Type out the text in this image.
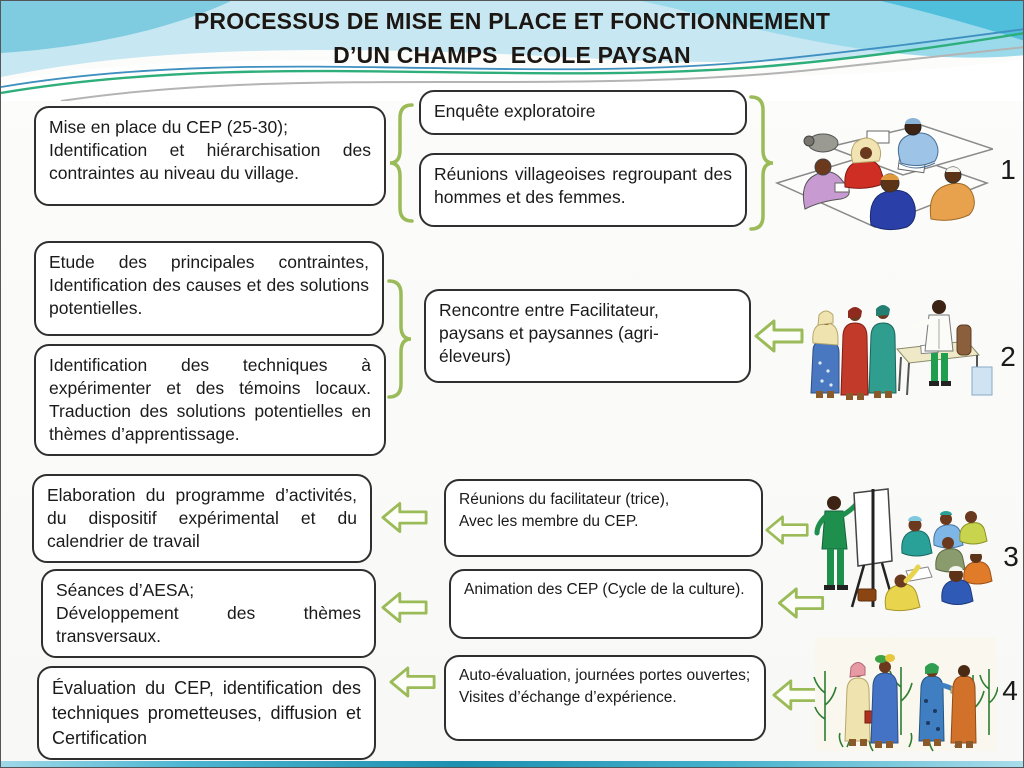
PROCESSUS DE MISE EN PLACE ET FONCTIONNEMENT
D’UN CHAMPS  ECOLE PAYSAN

Mise en place du CEP (25-30);

Identification et hiérarchisation des contraintes au niveau du village.

Enquête exploratoire

Réunions villageoises regroupant des hommes et des femmes.

1

Etude des principales contraintes, Identification des causes et des solutions potentielles.

Identification des techniques à expérimenter et des témoins locaux. Traduction des solutions potentielles en thèmes d’apprentissage.

Rencontre entre Facilitateur,

paysans et paysannes (agri-

éleveurs)	2

Elaboration du programme d’activités, du dispositif expérimental et du calendrier de travail

Réunions du facilitateur (trice),

Avec les membre du CEP.

Séances d’AESA;

Développement des thèmes transversaux.

Animation des CEP (Cycle de la culture).

3

Évaluation du CEP, identification des techniques prometteuses, diffusion et Certification

Auto-évaluation, journées portes ouvertes;

Visites d’échange d’expérience.	4
